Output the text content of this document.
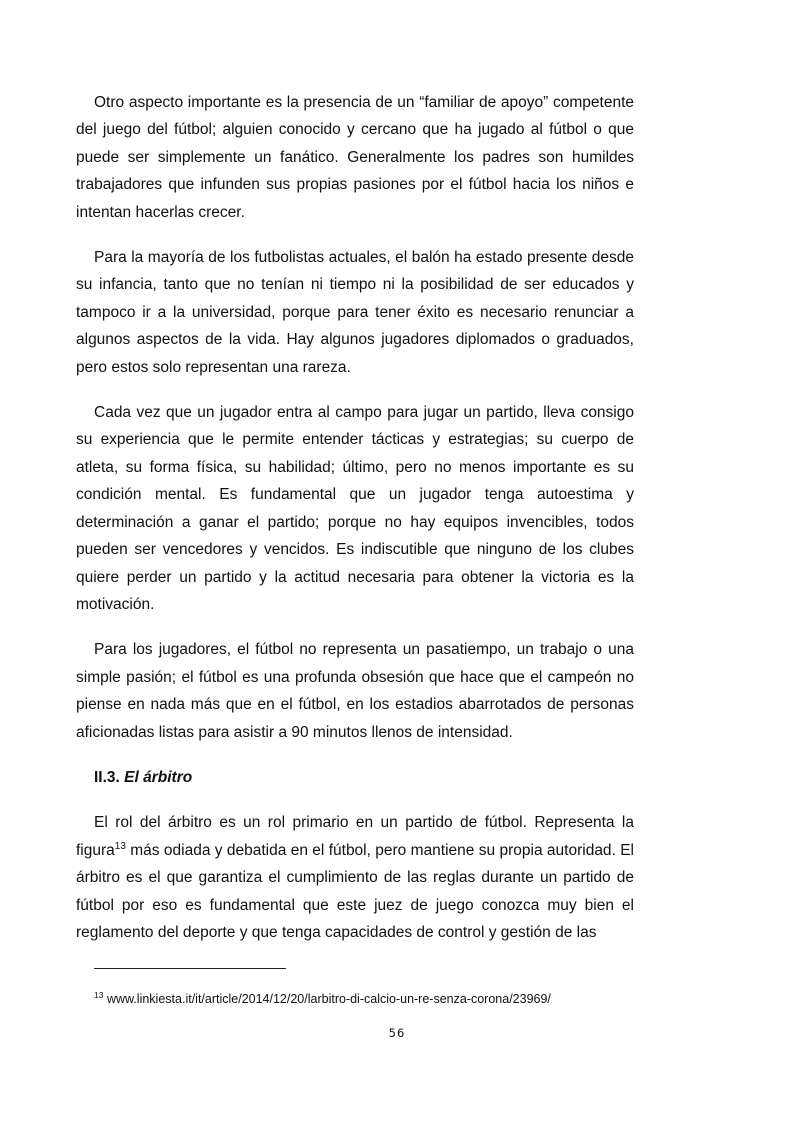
Otro aspecto importante es la presencia de un “familiar de apoyo” competente del juego del fútbol; alguien conocido y cercano que ha jugado al fútbol o que puede ser simplemente un fanático. Generalmente los padres son humildes trabajadores que infunden sus propias pasiones por el fútbol hacia los niños e intentan hacerlas crecer.

Para la mayoría de los futbolistas actuales, el balón ha estado presente desde su infancia, tanto que no tenían ni tiempo ni la posibilidad de ser educados y tampoco ir a la universidad, porque para tener éxito es necesario renunciar a algunos aspectos de la vida. Hay algunos jugadores diplomados o graduados, pero estos solo representan una rareza.

Cada vez que un jugador entra al campo para jugar un partido, lleva consigo su experiencia que le permite entender tácticas y estrategias; su cuerpo de atleta, su forma física, su habilidad; último, pero no menos importante es su condición mental. Es fundamental que un jugador tenga autoestima y determinación a ganar el partido; porque no hay equipos invencibles, todos pueden ser vencedores y vencidos. Es indiscutible que ninguno de los clubes quiere perder un partido y la actitud necesaria para obtener la victoria es la motivación.

Para los jugadores, el fútbol no representa un pasatiempo, un trabajo o una simple pasión; el fútbol es una profunda obsesión que hace que el campeón no piense en nada más que en el fútbol, en los estadios abarrotados de personas aficionadas listas para asistir a 90 minutos llenos de intensidad.

II.3. El árbitro

El rol del árbitro es un rol primario en un partido de fútbol. Representa la figura$^{13}$ más odiada y debatida en el fútbol, pero mantiene su propia autoridad. El árbitro es el que garantiza el cumplimiento de las reglas durante un partido de fútbol por eso es fundamental que este juez de juego conozca muy bien el reglamento del deporte y que tenga capacidades de control y gestión de las

$^{13}$ www.linkiesta.it/it/article/2014/12/20/larbitro-di-calcio-un-re-senza-corona/23969/
56
